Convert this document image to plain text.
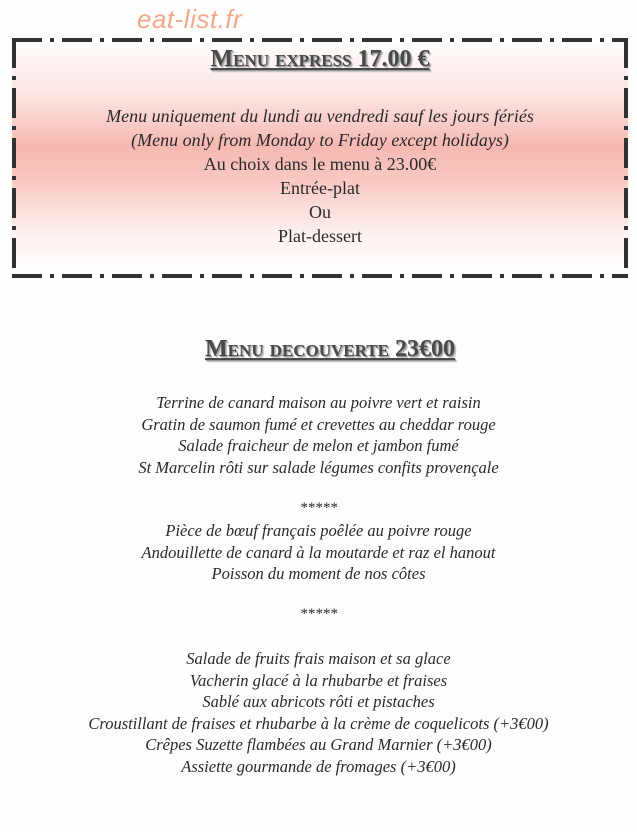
eat-list.fr
Menu express 17.00 €
Menu uniquement du lundi au vendredi sauf les jours fériés
(Menu only from Monday to Friday except holidays)
Au choix dans le menu à 23.00€
Entrée-plat
Ou
Plat-dessert
Menu decouverte 23€00
Terrine de canard maison au poivre vert et raisin
Gratin de saumon fumé et crevettes au cheddar rouge
Salade fraicheur de melon et jambon fumé
St Marcelin rôti sur salade légumes confits provençale
*****
Pièce de bœuf français poêlée au poivre rouge
Andouillette de canard à la moutarde et raz el hanout
Poisson du moment de nos côtes
*****
Salade de fruits frais maison et sa glace
Vacherin glacé à la rhubarbe et fraises
Sablé aux abricots rôti et pistaches
Croustillant de fraises et rhubarbe à la crème de coquelicots (+3€00)
Crêpes Suzette flambées au Grand Marnier (+3€00)
Assiette gourmande de fromages (+3€00)
